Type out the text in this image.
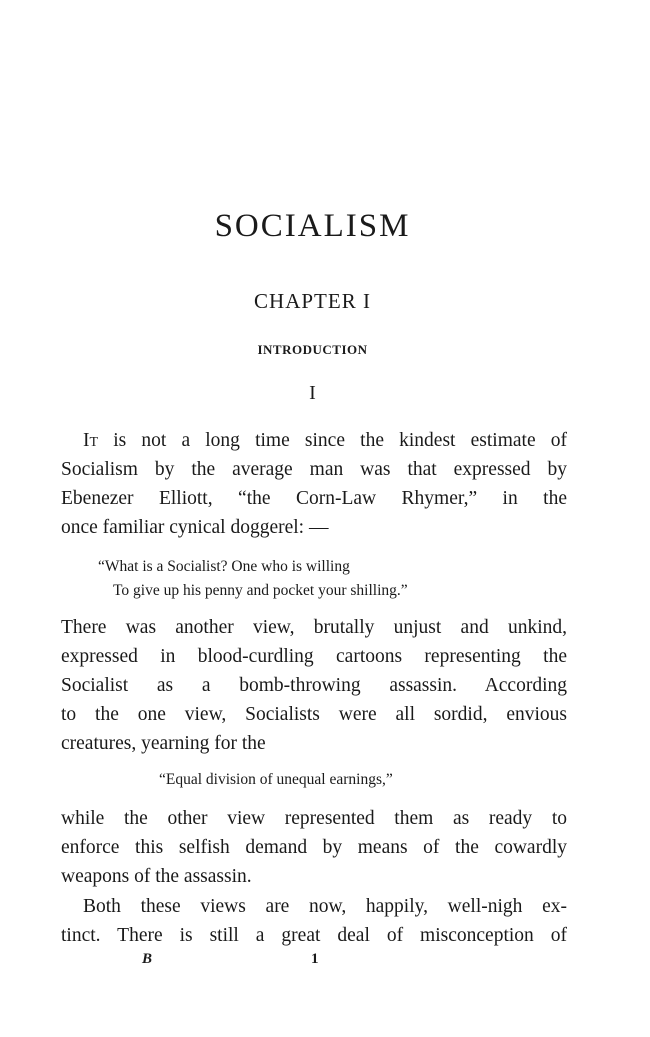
SOCIALISM
CHAPTER I
INTRODUCTION
I
It is not a long time since the kindest estimate of
Socialism by the average man was that expressed by
Ebenezer Elliott, “the Corn-Law Rhymer,” in the
once familiar cynical doggerel: —
“What is a Socialist? One who is willing
To give up his penny and pocket your shilling.”
There was another view, brutally unjust and unkind,
expressed in blood-curdling cartoons representing the
Socialist as a bomb-throwing assassin. According
to the one view, Socialists were all sordid, envious
creatures, yearning for the
“Equal division of unequal earnings,”
while the other view represented them as ready to
enforce this selfish demand by means of the cowardly
weapons of the assassin.
Both these views are now, happily, well-nigh ex-
tinct. There is still a great deal of misconception of
B	1
